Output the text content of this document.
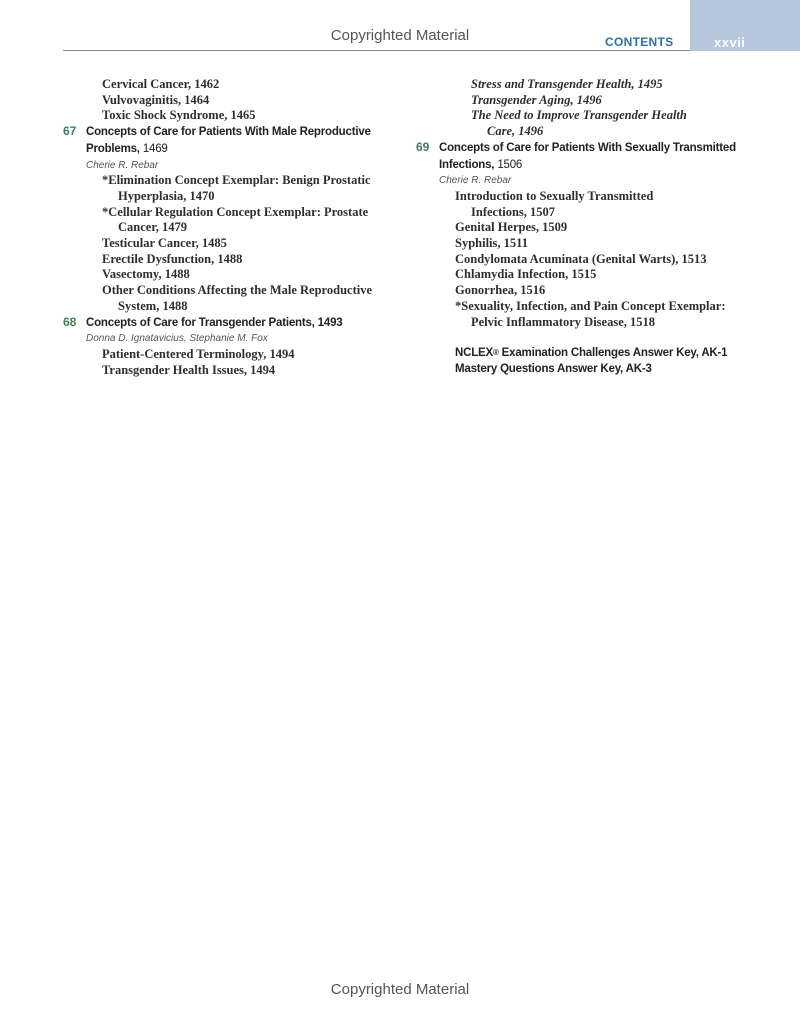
Copyrighted Material	CONTENTS	xxvii
Cervical Cancer, 1462
Vulvovaginitis, 1464
Toxic Shock Syndrome, 1465
67 Concepts of Care for Patients With Male Reproductive
Problems, 1469
Cherie R. Rebar
*Elimination Concept Exemplar: Benign Prostatic
Hyperplasia, 1470
*Cellular Regulation Concept Exemplar: Prostate
Cancer, 1479
Testicular Cancer, 1485
Erectile Dysfunction, 1488
Vasectomy, 1488
Other Conditions Affecting the Male Reproductive
System, 1488
68 Concepts of Care for Transgender Patients, 1493
Donna D. Ignatavicius, Stephanie M. Fox
Patient-Centered Terminology, 1494
Transgender Health Issues, 1494
Stress and Transgender Health, 1495
Transgender Aging, 1496
The Need to Improve Transgender Health
Care, 1496
69 Concepts of Care for Patients With Sexually Transmitted
Infections, 1506
Cherie R. Rebar
Introduction to Sexually Transmitted
Infections, 1507
Genital Herpes, 1509
Syphilis, 1511
Condylomata Acuminata (Genital Warts), 1513
Chlamydia Infection, 1515
Gonorrhea, 1516
*Sexuality, Infection, and Pain Concept Exemplar:
Pelvic Inflammatory Disease, 1518
NCLEX® Examination Challenges Answer Key, AK-1
Mastery Questions Answer Key, AK-3
Copyrighted Material
